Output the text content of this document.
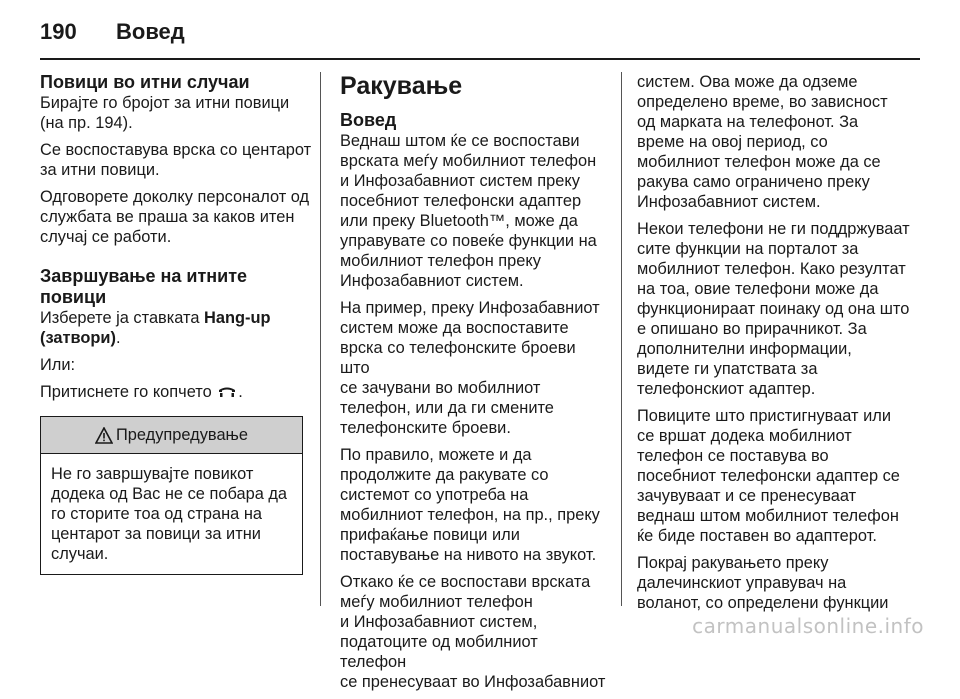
190	Вовед
Повици во итни случаи

Бирајте го бројот за итни повици
(на пр. 194).

Се воспоставува врска со центарот
за итни повици.

Одговорете доколку персоналот од
службата ве праша за каков итен
случај се работи.

Завршување на итните
повици

Изберете ја ставката Hang-up
(затвори).

Или:

Притиснете го копчето .

Предупредување

Не го завршувајте повикот
додека од Вас не се побара да
го сторите тоа од страна на
центарот за повици за итни
случаи.

Ракување
Вовед

Веднаш штом ќе се воспостави
врската меѓу мобилниот телефон
и Инфозабавниот систем преку
посебниот телефонски адаптер
или преку Bluetooth™, може да
управувате со повеќе функции на
мобилниот телефон преку
Инфозабавниот систем.

На пример, преку Инфозабавниот
систем може да воспоставите
врска со телефонските броеви што
се зачувани во мобилниот
телефон, или да ги смените
телефонските броеви.

По правило, можете и да
продолжите да ракувате со
системот со употреба на
мобилниот телефон, на пр., преку
прифаќање повици или
поставување на нивото на звукот.

Откако ќе се воспостави врската
меѓу мобилниот телефон
и Инфозабавниот систем,
податоците од мобилниот телефон
се пренесуваат во Инфозабавниот

систем. Ова може да одземе
определено време, во зависност
од марката на телефонот. За
време на овој период, со
мобилниот телефон може да се
ракува само ограничено преку
Инфозабавниот систем.

Некои телефони не ги поддржуваат
сите функции на порталот за
мобилниот телефон. Како резултат
на тоа, овие телефони може да
функционираат поинаку од она што
е опишано во прирачникот. За
дополнителни информации,
видете ги упатствата за
телефонскиот адаптер.

Повиците што пристигнуваат или
се вршат додека мобилниот
телефон се поставува во
посебниот телефонски адаптер се
зачувуваат и се пренесуваат
веднаш штом мобилниот телефон
ќе биде поставен во адаптерот.

Покрај ракувањето преку
далечинскиот управувач на
воланот, со определени функции

carmanualsonline.info
